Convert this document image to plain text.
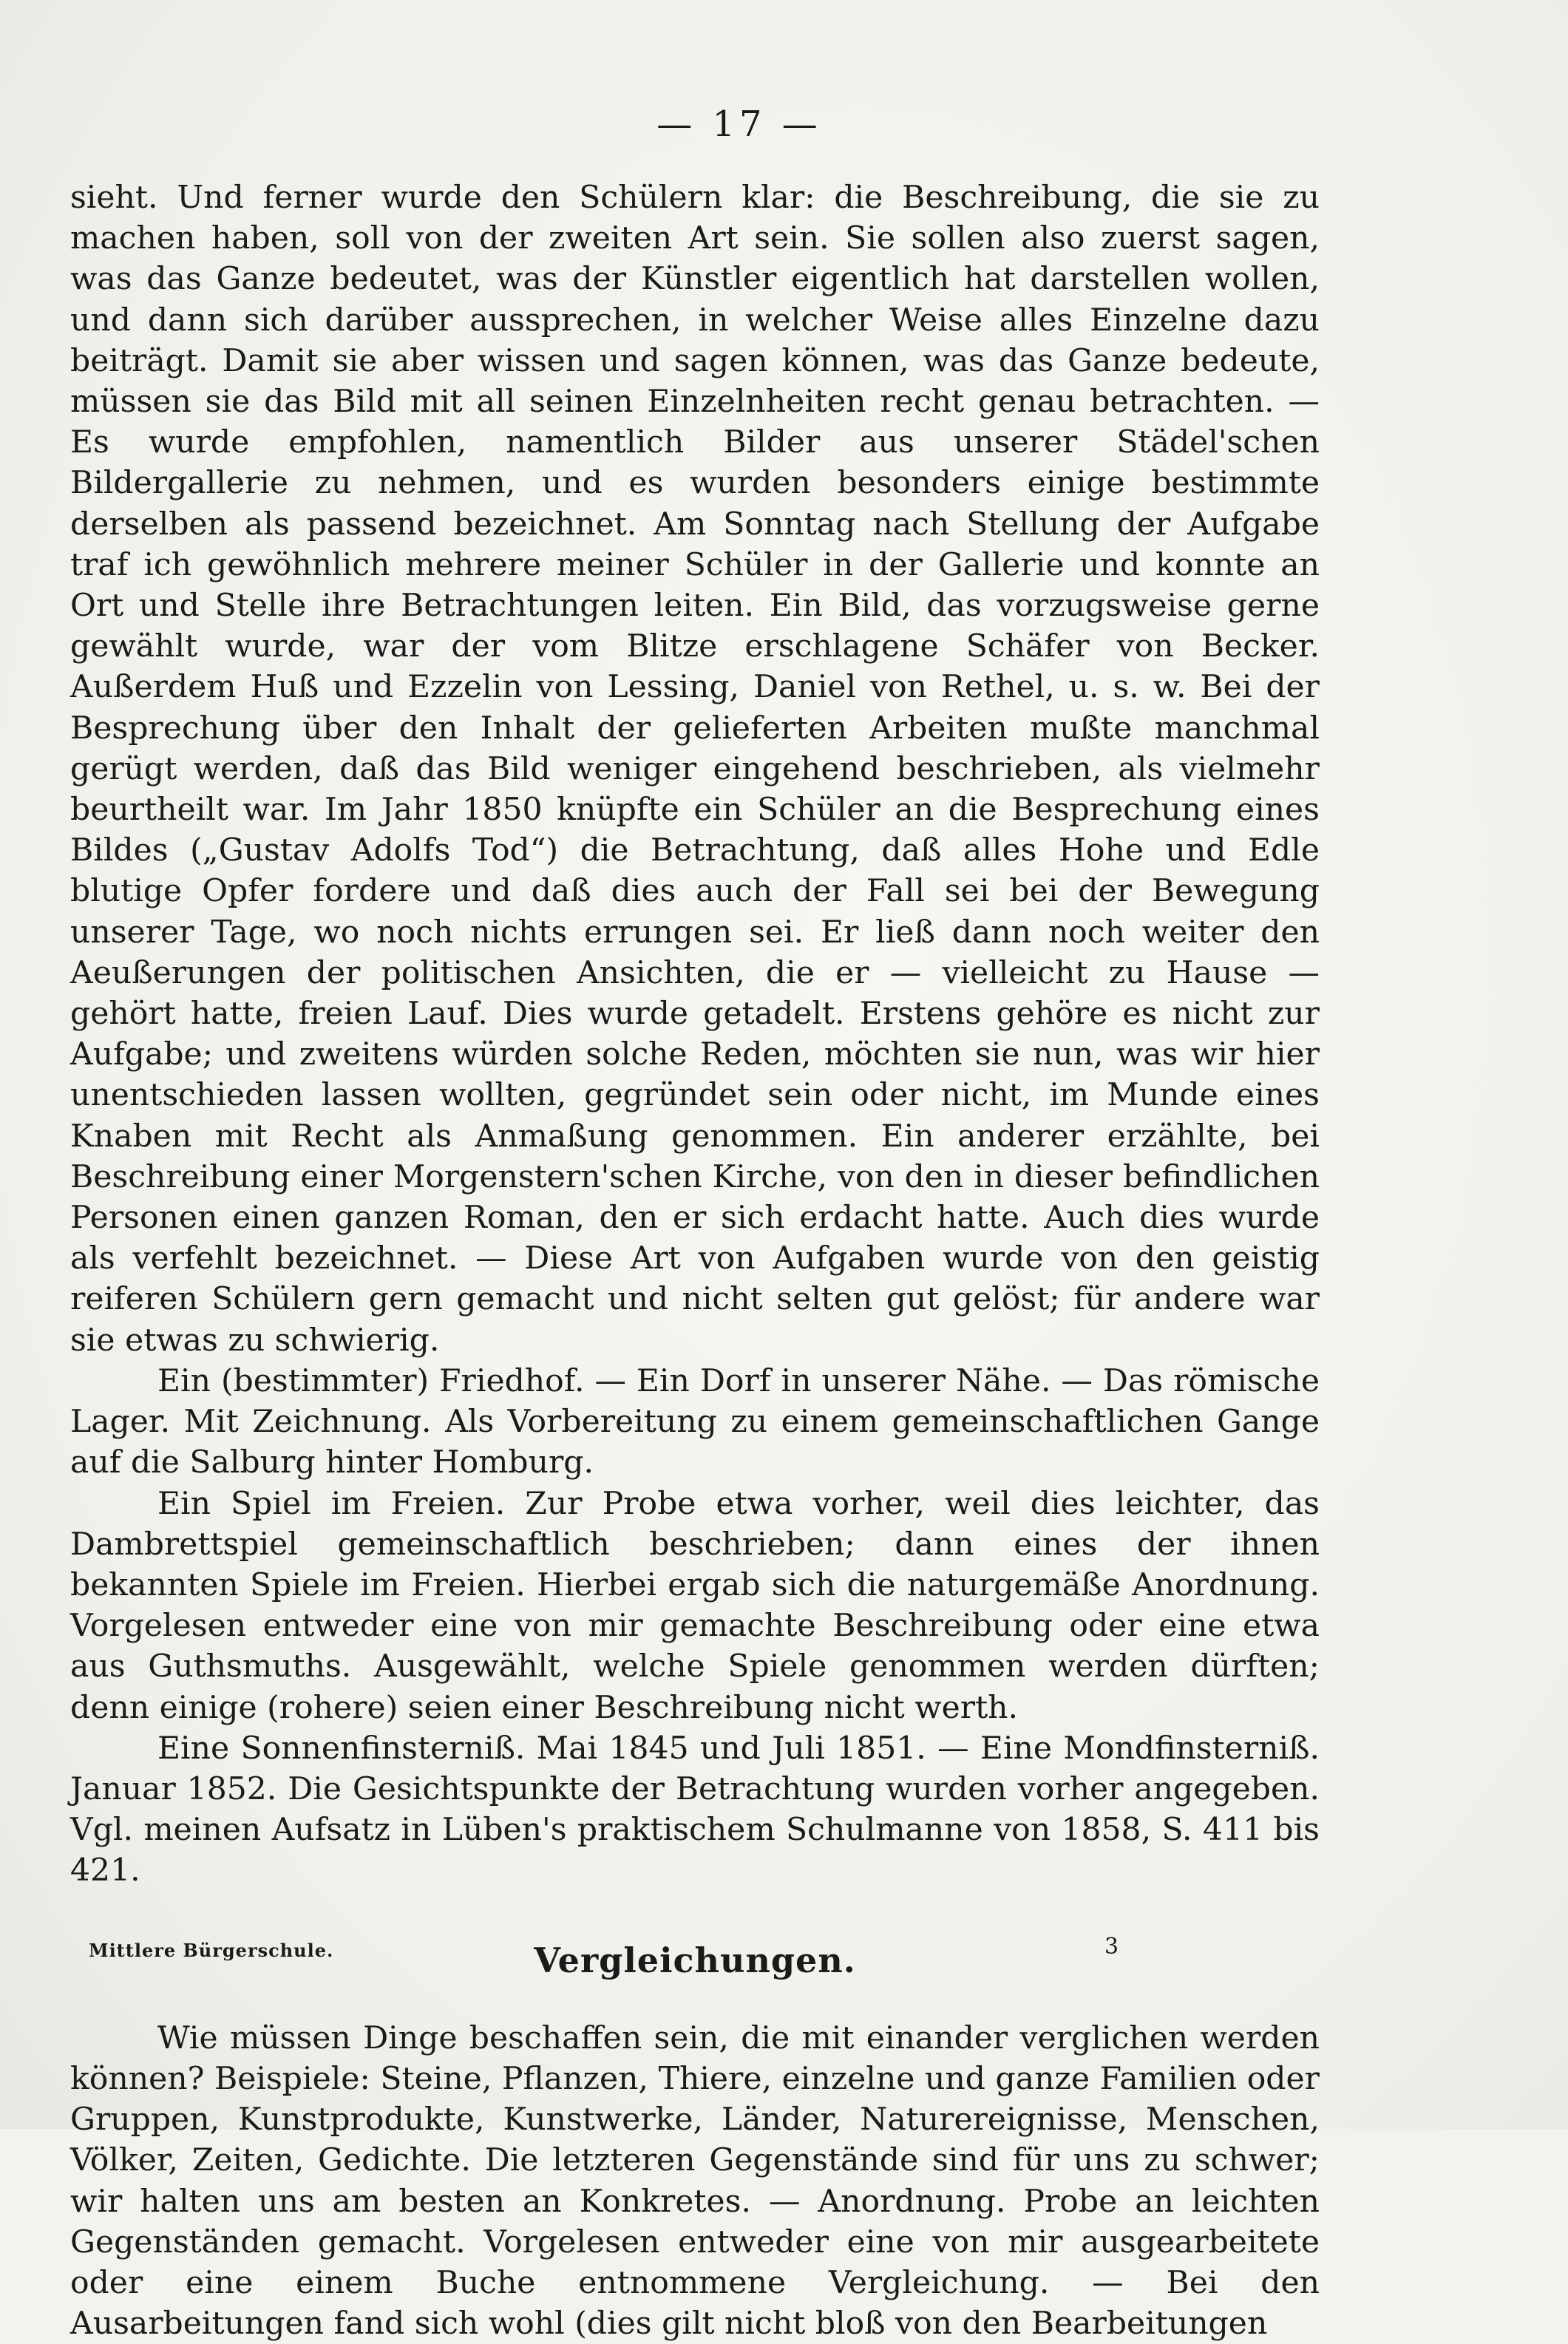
— 17 —

sieht. Und ferner wurde den Schülern klar: die Beschreibung, die sie zu machen haben, soll von der zweiten Art sein. Sie sollen also zuerst sagen, was das Ganze bedeutet, was der Künstler eigentlich hat darstellen wollen, und dann sich darüber aussprechen, in welcher Weise alles Einzelne dazu beiträgt. Damit sie aber wissen und sagen können, was das Ganze bedeute, müssen sie das Bild mit all seinen Einzelnheiten recht genau betrachten. — Es wurde empfohlen, namentlich Bilder aus unserer Städel'schen Bildergallerie zu nehmen, und es wurden besonders einige bestimmte derselben als passend bezeichnet. Am Sonntag nach Stellung der Aufgabe traf ich gewöhnlich mehrere meiner Schüler in der Gallerie und konnte an Ort und Stelle ihre Betrachtungen leiten. Ein Bild, das vorzugsweise gerne gewählt wurde, war der vom Blitze erschlagene Schäfer von Becker. Außerdem Huß und Ezzelin von Lessing, Daniel von Rethel, u. s. w. Bei der Besprechung über den Inhalt der gelieferten Arbeiten mußte manchmal gerügt werden, daß das Bild weniger eingehend beschrieben, als vielmehr beurtheilt war. Im Jahr 1850 knüpfte ein Schüler an die Besprechung eines Bildes („Gustav Adolfs Tod“) die Betrachtung, daß alles Hohe und Edle blutige Opfer fordere und daß dies auch der Fall sei bei der Bewegung unserer Tage, wo noch nichts errungen sei. Er ließ dann noch weiter den Aeußerungen der politischen Ansichten, die er — vielleicht zu Hause — gehört hatte, freien Lauf. Dies wurde getadelt. Erstens gehöre es nicht zur Aufgabe; und zweitens würden solche Reden, möchten sie nun, was wir hier unentschieden lassen wollten, gegründet sein oder nicht, im Munde eines Knaben mit Recht als Anmaßung genommen. Ein anderer erzählte, bei Beschreibung einer Morgenstern'schen Kirche, von den in dieser befindlichen Personen einen ganzen Roman, den er sich erdacht hatte. Auch dies wurde als verfehlt bezeichnet. — Diese Art von Aufgaben wurde von den geistig reiferen Schülern gern gemacht und nicht selten gut gelöst; für andere war sie etwas zu schwierig.

Ein (bestimmter) Friedhof. — Ein Dorf in unserer Nähe. — Das römische Lager. Mit Zeichnung. Als Vorbereitung zu einem gemeinschaftlichen Gange auf die Salburg hinter Homburg.

Ein Spiel im Freien. Zur Probe etwa vorher, weil dies leichter, das Dambrettspiel gemeinschaftlich beschrieben; dann eines der ihnen bekannten Spiele im Freien. Hierbei ergab sich die naturgemäße Anordnung. Vorgelesen entweder eine von mir gemachte Beschreibung oder eine etwa aus Guthsmuths. Ausgewählt, welche Spiele genommen werden dürften; denn einige (rohere) seien einer Beschreibung nicht werth.

Eine Sonnenfinsterniß. Mai 1845 und Juli 1851. — Eine Mondfinsterniß. Januar 1852. Die Gesichtspunkte der Betrachtung wurden vorher angegeben. Vgl. meinen Aufsatz in Lüben's praktischem Schulmanne von 1858, S. 411 bis 421.

Vergleichungen.

Wie müssen Dinge beschaffen sein, die mit einander verglichen werden können? Beispiele: Steine, Pflanzen, Thiere, einzelne und ganze Familien oder Gruppen, Kunstprodukte, Kunstwerke, Länder, Naturereignisse, Menschen, Völker, Zeiten, Gedichte. Die letzteren Gegenstände sind für uns zu schwer; wir halten uns am besten an Konkretes. — Anordnung. Probe an leichten Gegenständen gemacht. Vorgelesen entweder eine von mir ausgearbeitete oder eine einem Buche entnommene Vergleichung. — Bei den Ausarbeitungen fand sich wohl (dies gilt nicht bloß von den Bearbeitungen

Mittlere Bürgerschule.	3
